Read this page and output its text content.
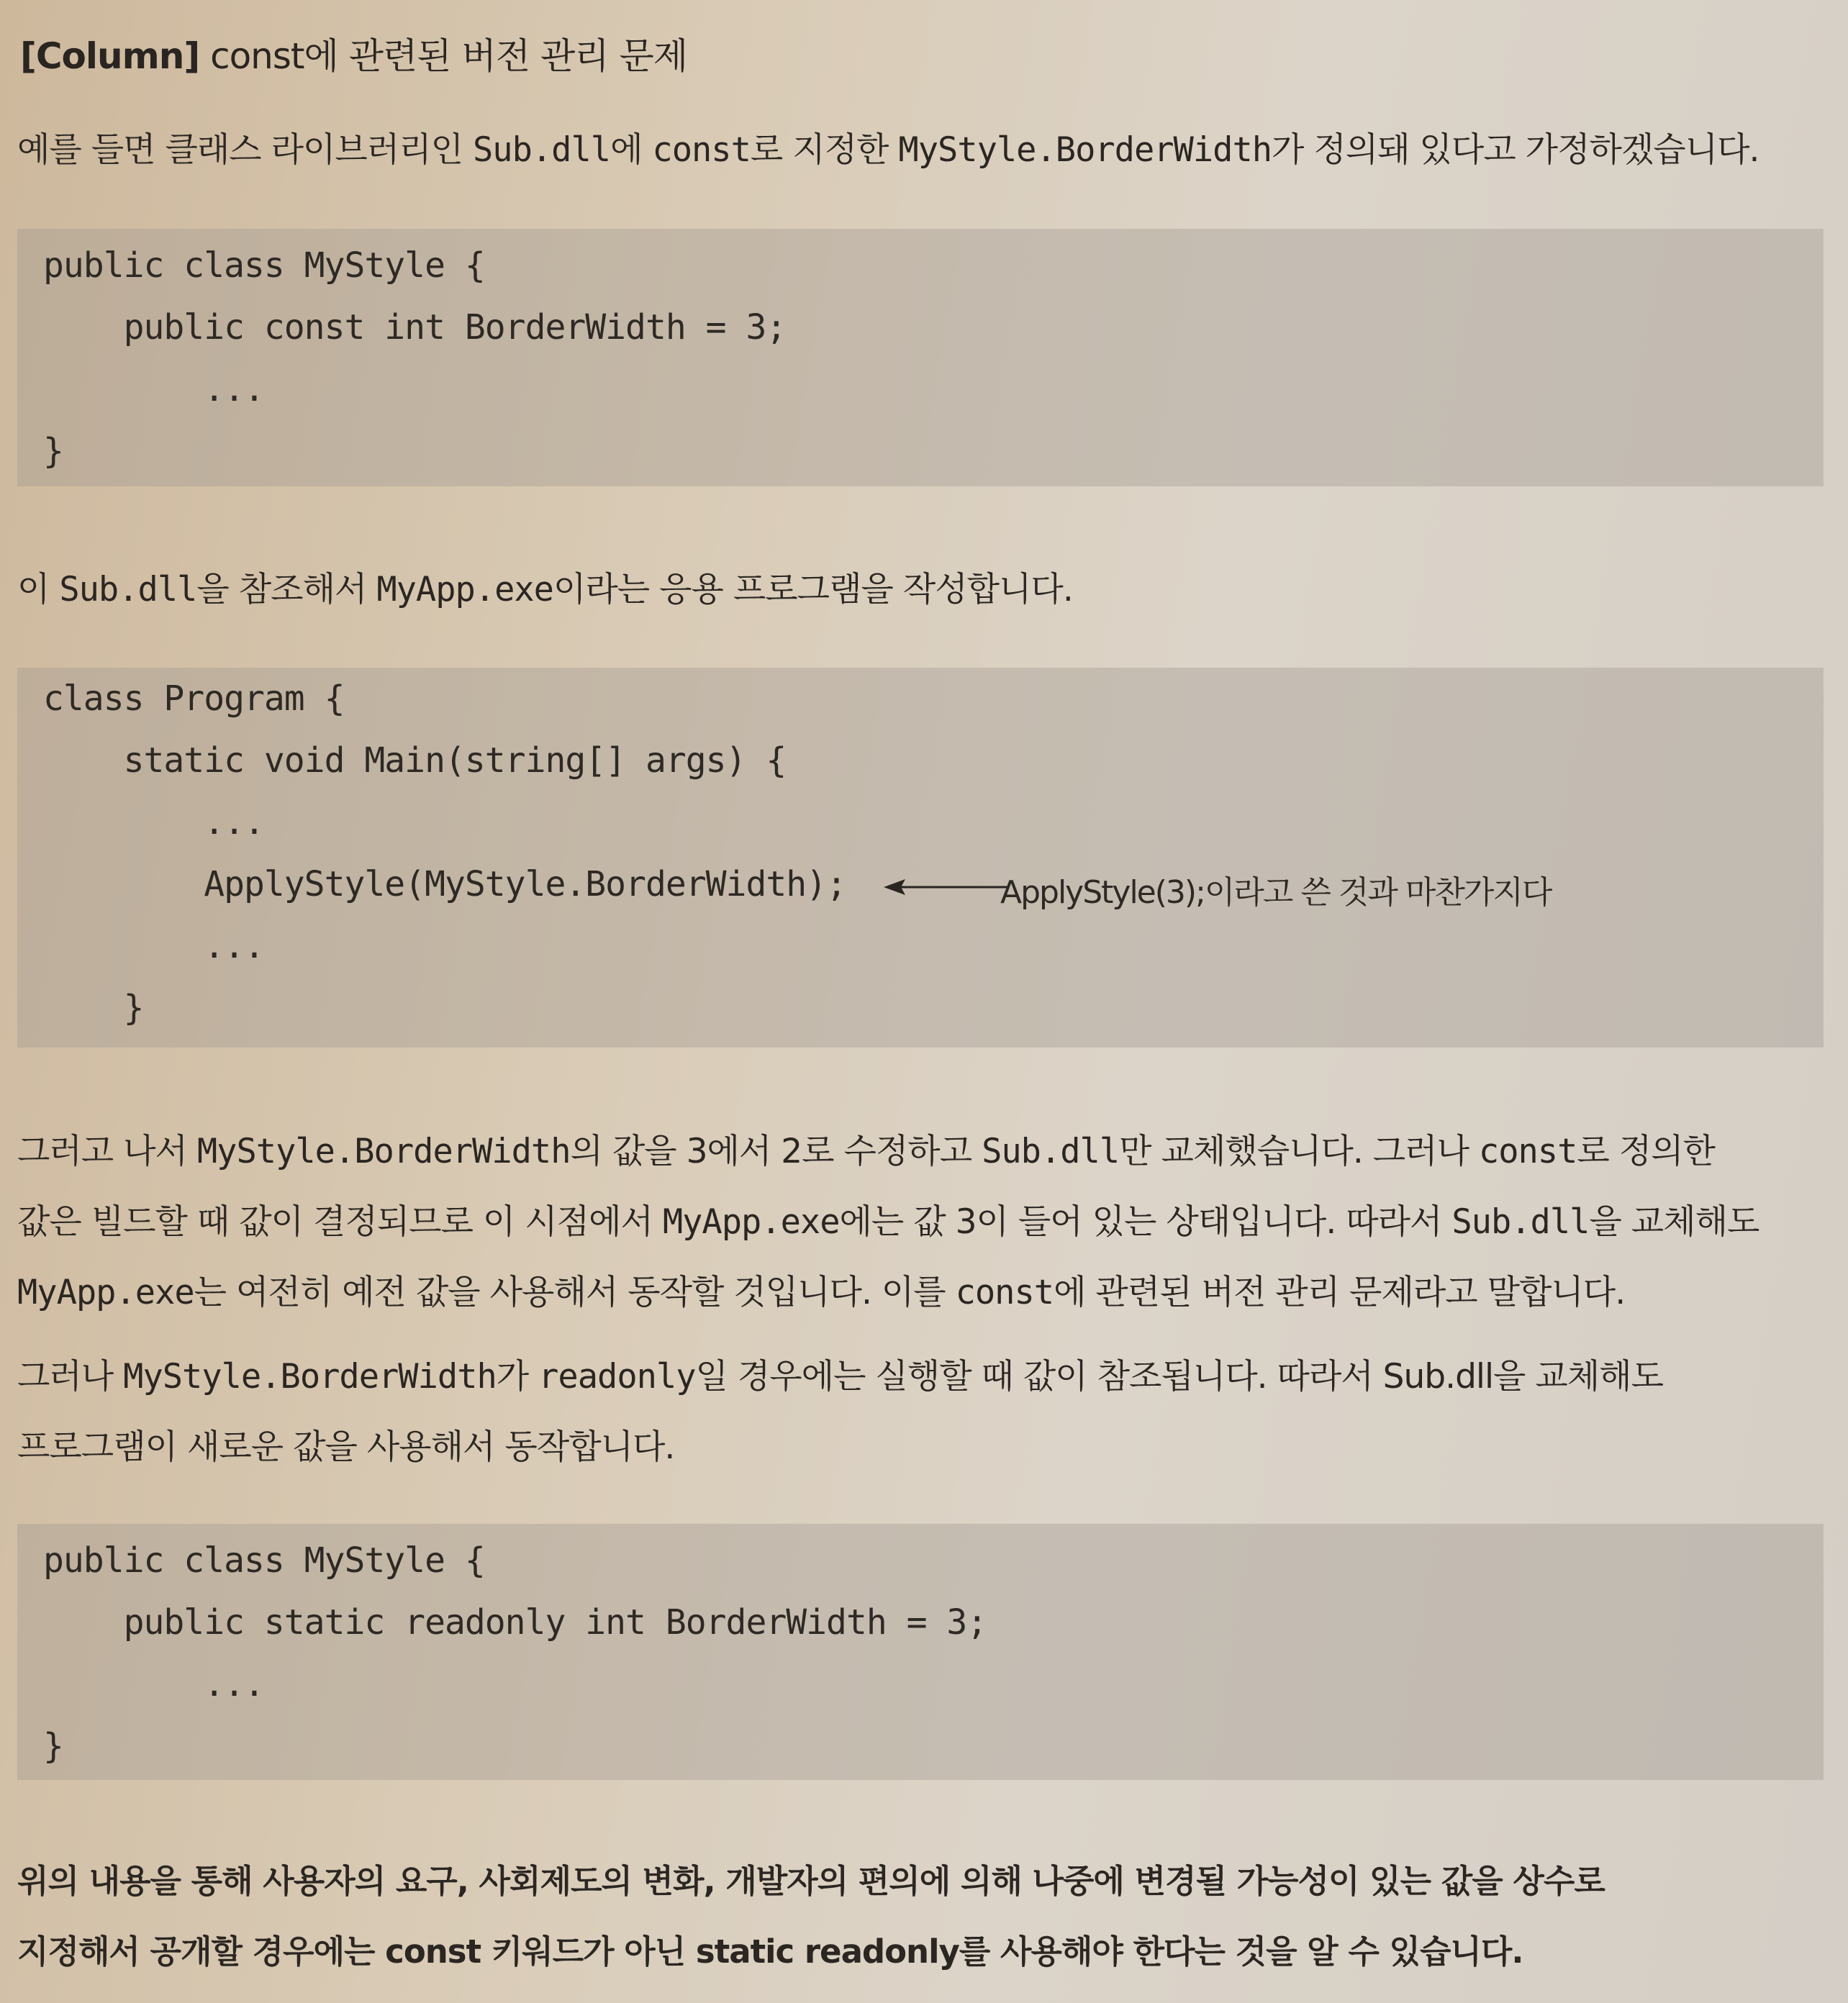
[Column] const에 관련된 버전 관리 문제
예를 들면 클래스 라이브러리인 Sub.dll에 const로 지정한 MyStyle.BorderWidth가 정의돼 있다고 가정하겠습니다.
public class MyStyle {
public const int BorderWidth = 3;
...
}
이 Sub.dll을 참조해서 MyApp.exe이라는 응용 프로그램을 작성합니다.
class Program {
static void Main(string[] args) {
...
ApplyStyle(MyStyle.BorderWidth);
...
}
ApplyStyle(3);이라고 쓴 것과 마찬가지다
그러고 나서 MyStyle.BorderWidth의 값을 3에서 2로 수정하고 Sub.dll만 교체했습니다. 그러나 const로 정의한
값은 빌드할 때 값이 결정되므로 이 시점에서 MyApp.exe에는 값 3이 들어 있는 상태입니다. 따라서 Sub.dll을 교체해도
MyApp.exe는 여전히 예전 값을 사용해서 동작할 것입니다. 이를 const에 관련된 버전 관리 문제라고 말합니다.
그러나 MyStyle.BorderWidth가 readonly일 경우에는 실행할 때 값이 참조됩니다. 따라서 Sub.dll을 교체해도
프로그램이 새로운 값을 사용해서 동작합니다.
public class MyStyle {
public static readonly int BorderWidth = 3;
...
}
위의 내용을 통해 사용자의 요구, 사회제도의 변화, 개발자의 편의에 의해 나중에 변경될 가능성이 있는 값을 상수로
지정해서 공개할 경우에는 const 키워드가 아닌 static readonly를 사용해야 한다는 것을 알 수 있습니다.
